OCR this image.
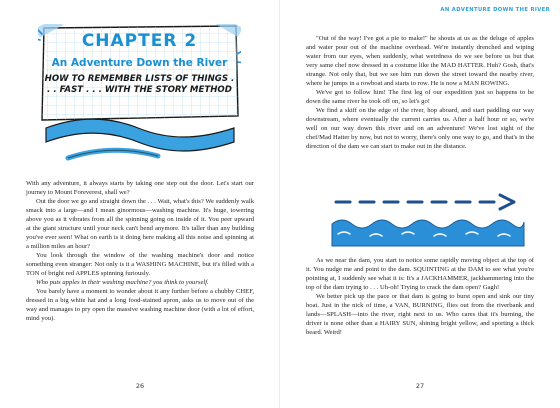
CHAPTER 2
An Adventure Down the River

HOW TO REMEMBER LISTS OF THINGS . . . FAST . . . WITH THE STORY METHOD

With any adventure, it always starts by taking one step out the door. Let's start our journey to Mount Foreverest, shall we?

Out the door we go and straight down the . . . Wait, what's this? We suddenly walk smack into a large—and I mean ginormous—washing machine. It's huge, towering above you as it vibrates from all the spinning going on inside of it. You peer upward at the giant structure until your neck can't bend anymore. It's taller than any building you've ever seen! What on earth is it doing here making all this noise and spinning at a million miles an hour?

You look through the window of the washing machine's door and notice something even stranger: Not only is it a WASHING MACHINE, but it's filled with a TON of bright red APPLES spinning furiously.

Who puts apples in their washing machine? you think to yourself.

You barely have a moment to wonder about it any further before a chubby CHEF, dressed in a big white hat and a long food-stained apron, asks us to move out of the way and manages to pry open the massive washing machine door (with a lot of effort, mind you).

26
AN ADVENTURE DOWN THE RIVER

"Out of the way! I've got a pie to make!" he shouts at us as the deluge of apples and water pour out of the machine overhead. We're instantly drenched and wiping water from our eyes, when suddenly, what weirdness do we see before us but that very same chef now dressed in a costume like the MAD HATTER. Huh? Gosh, that's strange. Not only that, but we see him run down the street toward the nearby river, where he jumps in a rowboat and starts to row. He is now a MAN ROWING.

We've got to follow him! The first leg of our expedition just so happens to be down the same river he took off on, so let's go!

We find a skiff on the edge of the river, hop aboard, and start paddling our way downstream, where eventually the current carries us. After a half hour or so, we're well on our way down this river and on an adventure! We've lost sight of the chef/Mad Hatter by now, but not to worry, there's only one way to go, and that's in the direction of the dam we can start to make out in the distance.

As we near the dam, you start to notice some rapidly moving object at the top of it. You nudge me and point to the dam. SQUINTING at the DAM to see what you're pointing at, I suddenly see what it is: It's a JACKHAMMER, jackhammering into the top of the dam trying to . . . Uh-oh! Trying to crack the dam open? Gagh!

We better pick up the pace or that dam is going to burst open and sink our tiny boat. Just in the nick of time, a VAN, BURNING, flies out from the riverbank and lands—SPLASH—into the river, right next to us. Who cares that it's burning, the driver is none other than a HAIRY SUN, shining bright yellow, and sporting a thick beard. Weird!

27
